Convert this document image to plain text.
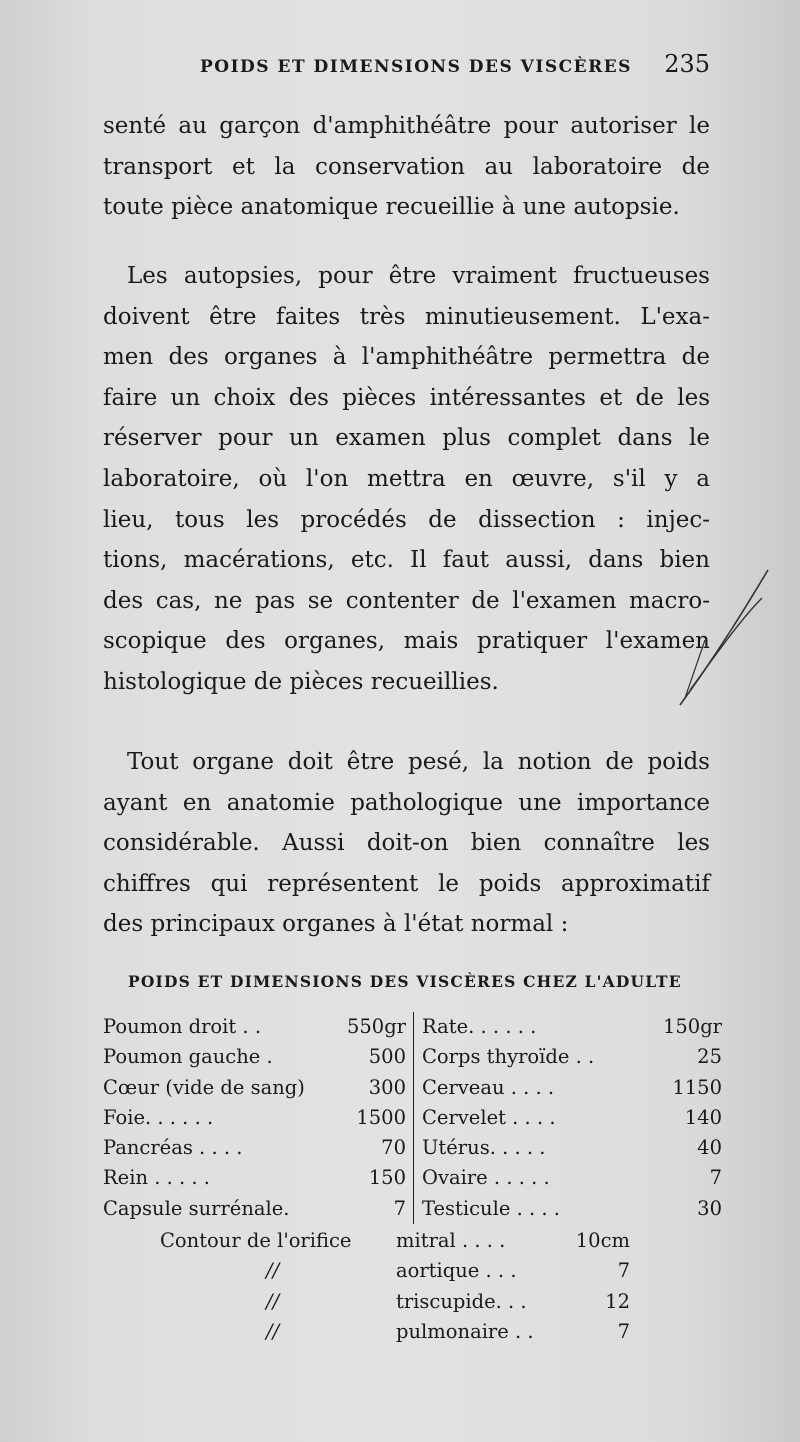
POIDS ET DIMENSIONS DES VISCÈRES 235

senté au garçon d'amphithéâtre pour autoriser le
transport et la conservation au laboratoire de
toute pièce anatomique recueillie à une autopsie.

Les autopsies, pour être vraiment fructueuses
doivent être faites très minutieusement. L'exa-
men des organes à l'amphithéâtre permettra de
faire un choix des pièces intéressantes et de les
réserver pour un examen plus complet dans le
laboratoire, où l'on mettra en œuvre, s'il y a
lieu, tous les procédés de dissection : injec-
tions, macérations, etc. Il faut aussi, dans bien
des cas, ne pas se contenter de l'examen macro-
scopique des organes, mais pratiquer l'examen
histologique de pièces recueillies.

Tout organe doit être pesé, la notion de poids
ayant en anatomie pathologique une importance
considérable. Aussi doit-on bien connaître les
chiffres qui représentent le poids approximatif
des principaux organes à l'état normal :

POIDS ET DIMENSIONS DES VISCÈRES CHEZ L'ADULTE
Poumon droit . .	550gr
Poumon gauche .	500
Cœur (vide de sang)	300
Foie. . . . . .	1500
Pancréas . . . .	70
Rein . . . . .	150
Capsule surrénale.	7
Rate. . . . . .	150gr
Corps thyroïde . .	25
Cerveau . . . .	1150
Cervelet . . . .	140
Utérus. . . . .	40
Ovaire . . . . .	7
Testicule . . . .	30
Contour de l'orifice mitral . . . .	10cm
//	aortique . . .	7
//	triscupide. . .	12
//	pulmonaire . .	7
